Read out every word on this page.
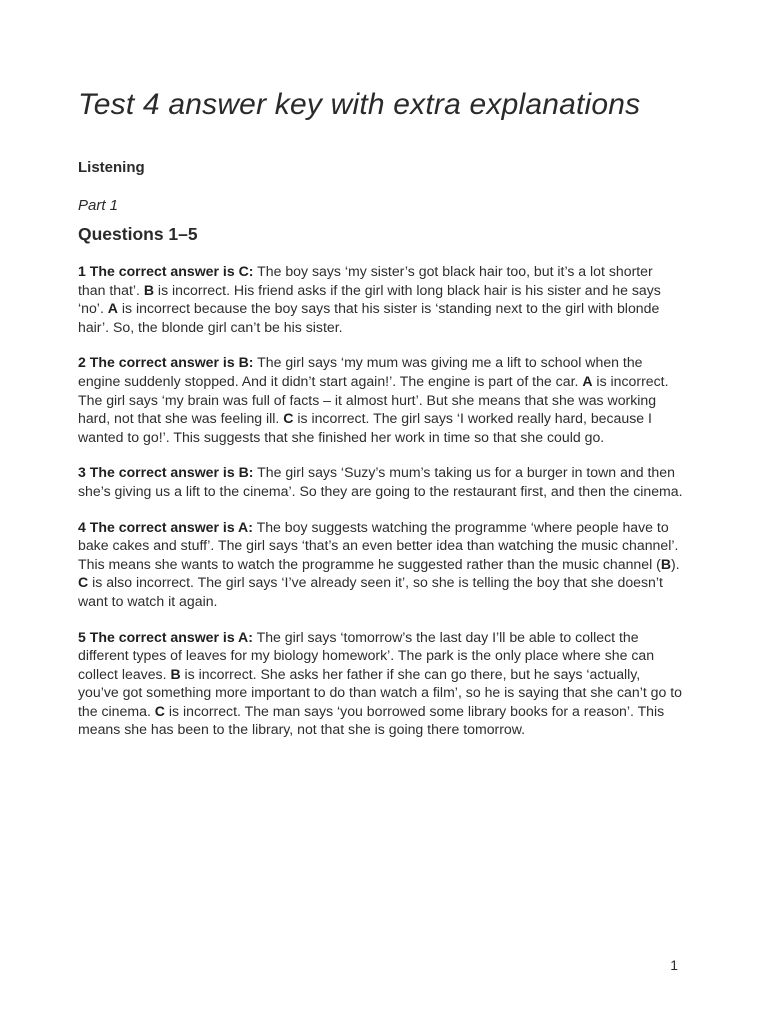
Test 4 answer key with extra explanations
Listening

Part 1

Questions 1–5

1 The correct answer is C: The boy says ‘my sister’s got black hair too, but it’s a lot shorter than that’. B is incorrect. His friend asks if the girl with long black hair is his sister and he says ‘no’. A is incorrect because the boy says that his sister is ‘standing next to the girl with blonde hair’. So, the blonde girl can’t be his sister.

2 The correct answer is B: The girl says ‘my mum was giving me a lift to school when the engine suddenly stopped. And it didn’t start again!’. The engine is part of the car. A is incorrect. The girl says ‘my brain was full of facts – it almost hurt’. But she means that she was working hard, not that she was feeling ill. C is incorrect. The girl says ‘I worked really hard, because I wanted to go!’. This suggests that she finished her work in time so that she could go.

3 The correct answer is B: The girl says ‘Suzy’s mum’s taking us for a burger in town and then she’s giving us a lift to the cinema’. So they are going to the restaurant first, and then the cinema.

4 The correct answer is A: The boy suggests watching the programme ‘where people have to bake cakes and stuff’. The girl says ‘that’s an even better idea than watching the music channel’. This means she wants to watch the programme he suggested rather than the music channel (B). C is also incorrect. The girl says ‘I’ve already seen it’, so she is telling the boy that she doesn’t want to watch it again.

5 The correct answer is A: The girl says ‘tomorrow’s the last day I’ll be able to collect the different types of leaves for my biology homework’. The park is the only place where she can collect leaves. B is incorrect. She asks her father if she can go there, but he says ‘actually, you’ve got something more important to do than watch a film’, so he is saying that she can’t go to the cinema. C is incorrect. The man says ‘you borrowed some library books for a reason’. This means she has been to the library, not that she is going there tomorrow.

1
